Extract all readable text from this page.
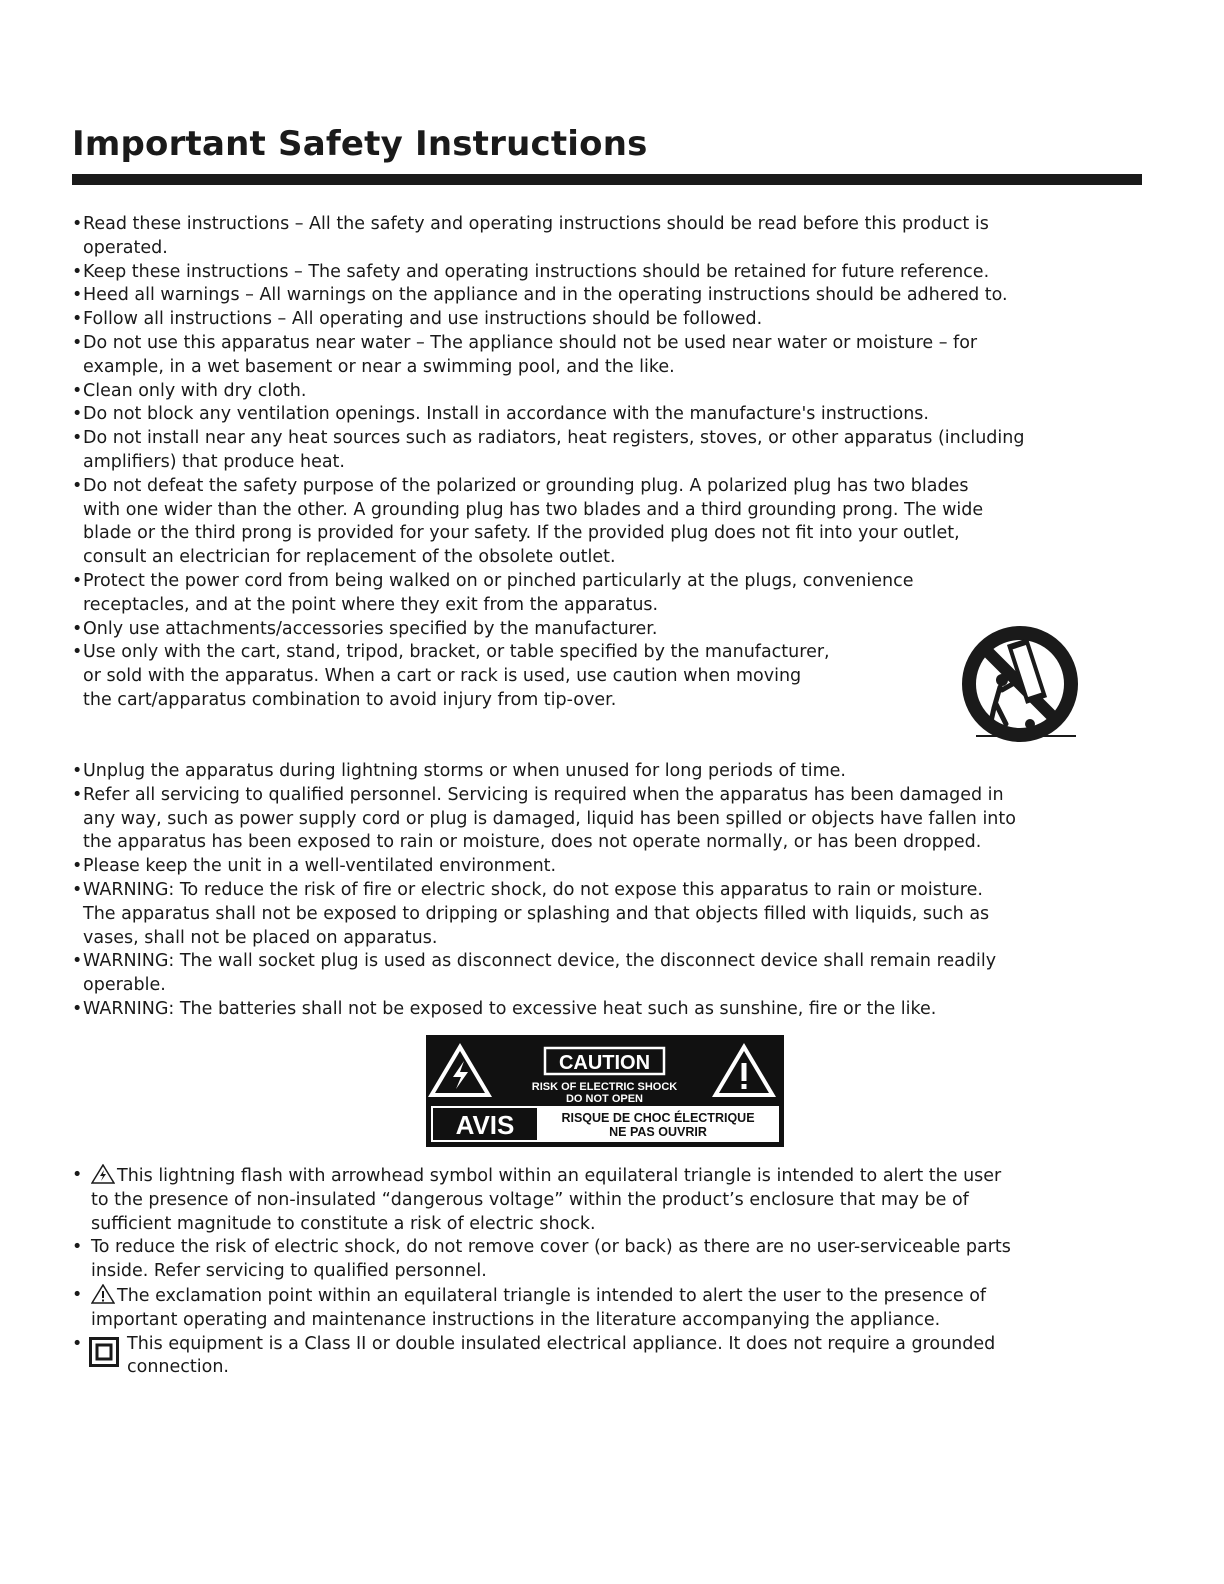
Important Safety Instructions
• Read these instructions – All the safety and operating instructions should be read before this product is
operated.
• Keep these instructions – The safety and operating instructions should be retained for future reference.
• Heed all warnings – All warnings on the appliance and in the operating instructions should be adhered to.
• Follow all instructions – All operating and use instructions should be followed.
• Do not use this apparatus near water – The appliance should not be used near water or moisture – for
example, in a wet basement or near a swimming pool, and the like.
• Clean only with dry cloth.
• Do not block any ventilation openings. Install in accordance with the manufacture's instructions.
• Do not install near any heat sources such as radiators, heat registers, stoves, or other apparatus (including
amplifiers) that produce heat.
• Do not defeat the safety purpose of the polarized or grounding plug. A polarized plug has two blades
with one wider than the other. A grounding plug has two blades and a third grounding prong. The wide
blade or the third prong is provided for your safety. If the provided plug does not fit into your outlet,
consult an electrician for replacement of the obsolete outlet.
• Protect the power cord from being walked on or pinched particularly at the plugs, convenience
receptacles, and at the point where they exit from the apparatus.
• Only use attachments/accessories specified by the manufacturer.
• Use only with the cart, stand, tripod, bracket, or table specified by the manufacturer,
or sold with the apparatus. When a cart or rack is used, use caution when moving
the cart/apparatus combination to avoid injury from tip-over.
• Unplug the apparatus during lightning storms or when unused for long periods of time.
• Refer all servicing to qualified personnel. Servicing is required when the apparatus has been damaged in
any way, such as power supply cord or plug is damaged, liquid has been spilled or objects have fallen into
the apparatus has been exposed to rain or moisture, does not operate normally, or has been dropped.
• Please keep the unit in a well-ventilated environment.
• WARNING: To reduce the risk of fire or electric shock, do not expose this apparatus to rain or moisture.
The apparatus shall not be exposed to dripping or splashing and that objects filled with liquids, such as
vases, shall not be placed on apparatus.
• WARNING: The wall socket plug is used as disconnect device, the disconnect device shall remain readily
operable.
• WARNING: The batteries shall not be exposed to excessive heat such as sunshine, fire or the like.
CAUTION
RISK OF ELECTRIC SHOCK
DO NOT OPEN
AVIS	RISQUE DE CHOC ÉLECTRIQUE
NE PAS OUVRIR
• This lightning flash with arrowhead symbol within an equilateral triangle is intended to alert the user
to the presence of non-insulated “dangerous voltage” within the product’s enclosure that may be of
sufficient magnitude to constitute a risk of electric shock.
• To reduce the risk of electric shock, do not remove cover (or back) as there are no user-serviceable parts
inside. Refer servicing to qualified personnel.
• The exclamation point within an equilateral triangle is intended to alert the user to the presence of
important operating and maintenance instructions in the literature accompanying the appliance.
• This equipment is a Class II or double insulated electrical appliance. It does not require a grounded
connection.
